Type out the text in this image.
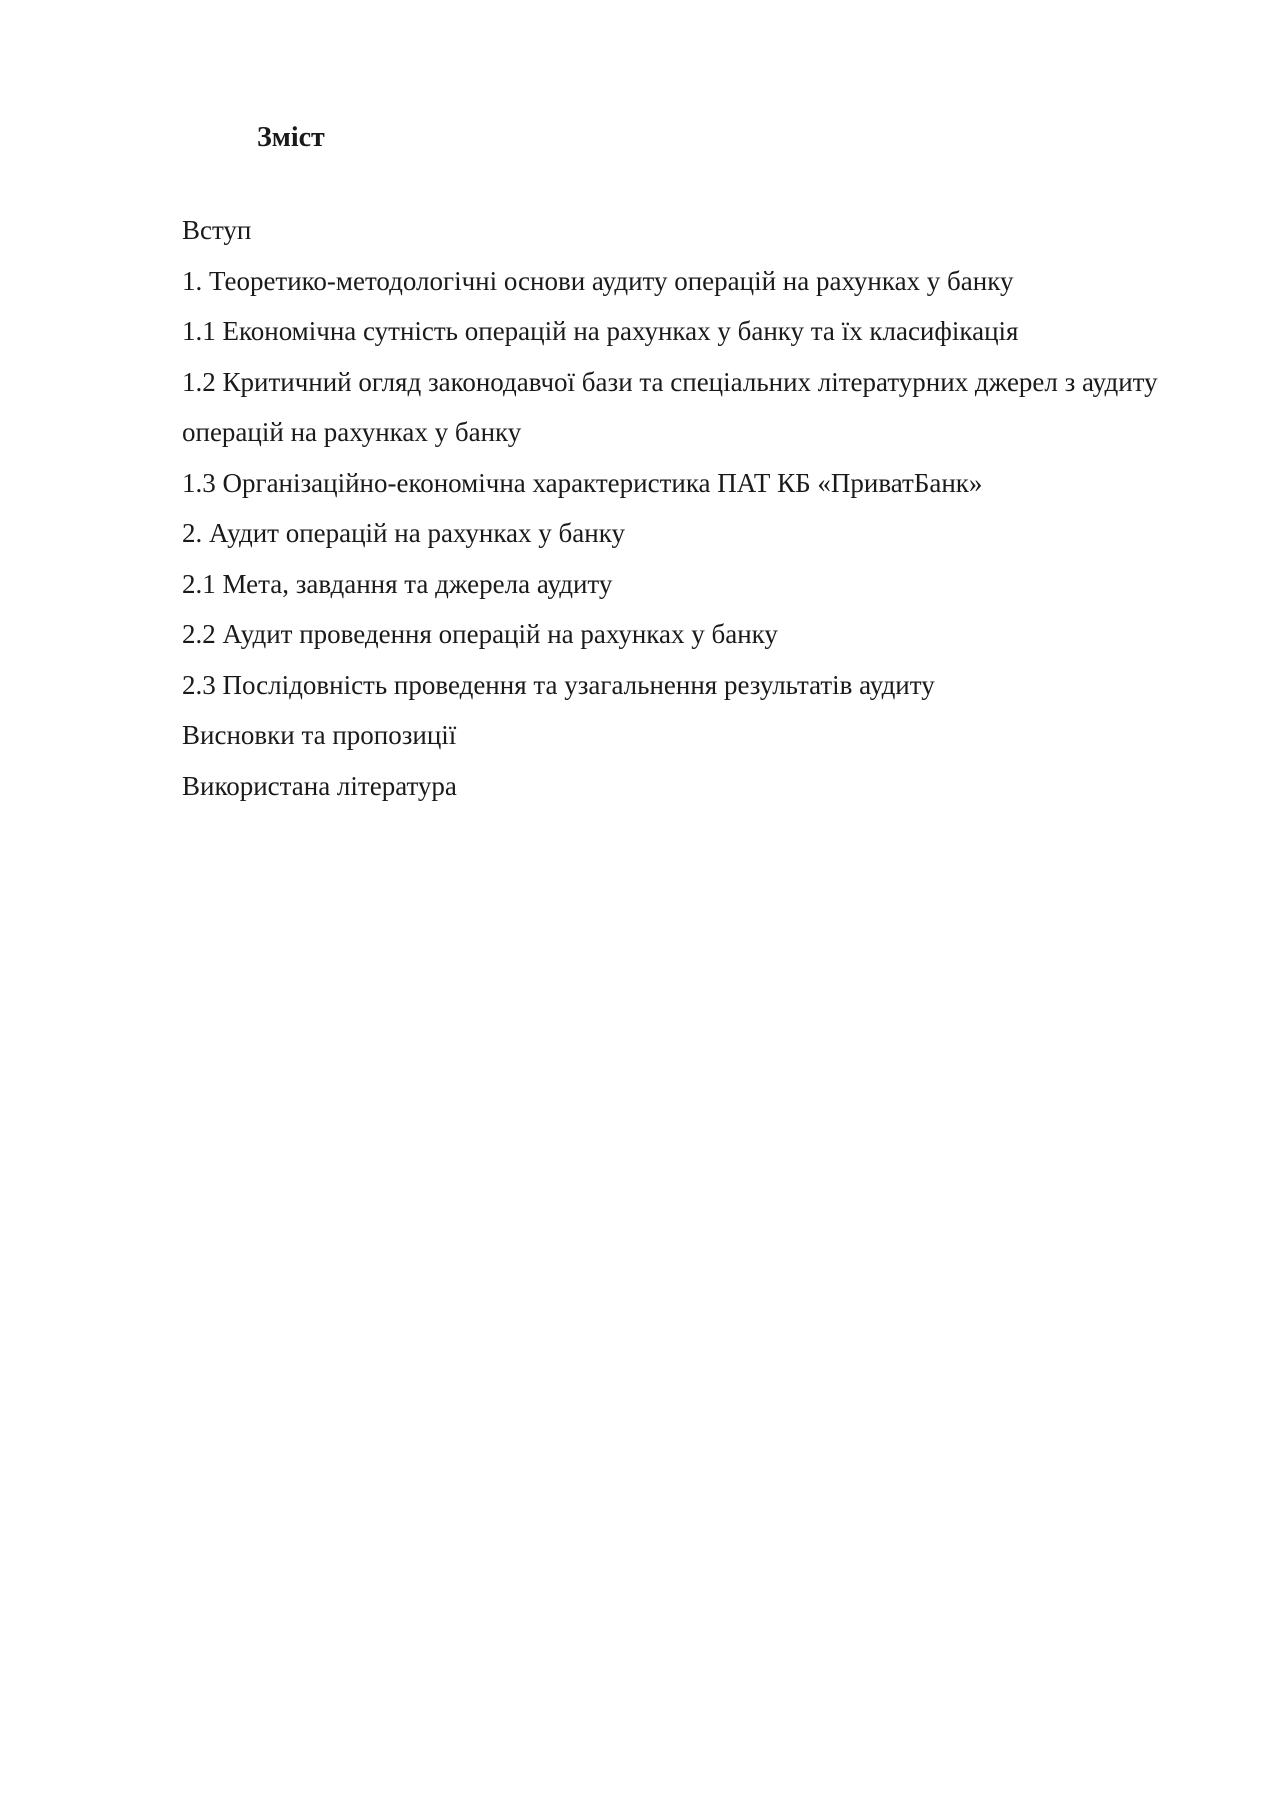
Зміст
Вступ
1. Теоретико-методологічні основи аудиту операцій на рахунках у банку
1.1 Економічна сутність операцій на рахунках у банку та їх класифікація
1.2 Критичний огляд законодавчої бази та спеціальних літературних джерел з аудиту операцій на рахунках у банку
1.3 Організаційно-економічна характеристика ПАТ КБ «ПриватБанк»
2. Аудит операцій на рахунках у банку
2.1 Мета, завдання та джерела аудиту
2.2 Аудит проведення операцій на рахунках у банку
2.3 Послідовність проведення та узагальнення результатів аудиту
Висновки та пропозиції
Використана література
